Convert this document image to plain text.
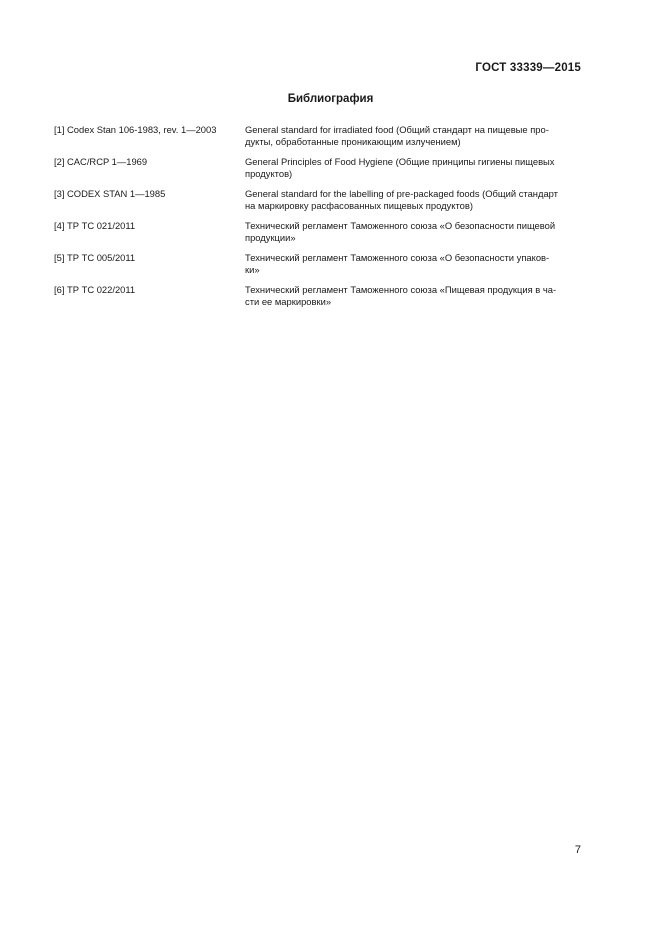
ГОСТ 33339—2015
Библиография
[1] Codex Stan 106-1983, rev. 1—2003	General standard for irradiated food (Общий стандарт на пищевые про-
дукты, обработанные проникающим излучением)
[2] CAC/RCP 1—1969	General Principles of Food Hygiene (Общие принципы гигиены пищевых
продуктов)
[3] CODEX STAN 1—1985	General standard for the labelling of pre-packaged foods (Общий стандарт
на маркировку расфасованных пищевых продуктов)
[4] ТР ТС 021/2011	Технический регламент Таможенного союза «О безопасности пищевой
продукции»
[5] ТР ТС 005/2011	Технический регламент Таможенного союза «О безопасности упаков-
ки»
[6] ТР ТС 022/2011	Технический регламент Таможенного союза «Пищевая продукция в ча-
сти ее маркировки»
7
